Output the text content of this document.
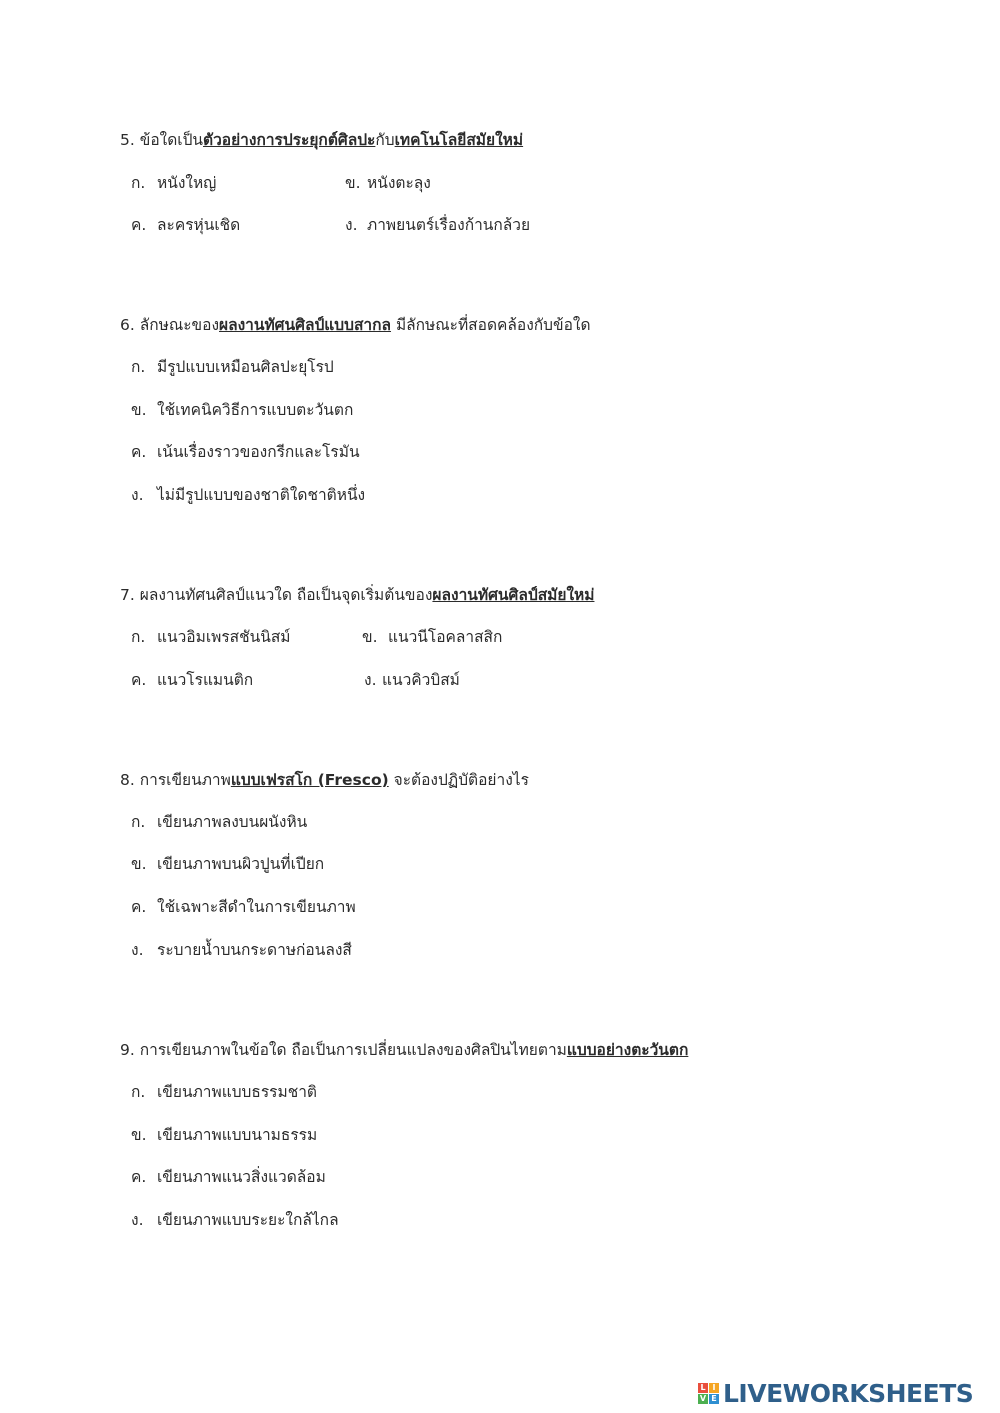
5. ข้อใดเป็นตัวอย่างการประยุกต์ศิลปะกับเทคโนโลยีสมัยใหม่
ก. หนังใหญ่	ข. หนังตะลุง
ค. ละครหุ่นเชิด	ง. ภาพยนตร์เรื่องก้านกล้วย
6. ลักษณะของผลงานทัศนศิลป์แบบสากล มีลักษณะที่สอดคล้องกับข้อใด
ก. มีรูปแบบเหมือนศิลปะยุโรป
ข. ใช้เทคนิควิธีการแบบตะวันตก
ค. เน้นเรื่องราวของกรีกและโรมัน
ง. ไม่มีรูปแบบของชาติใดชาติหนึ่ง
7. ผลงานทัศนศิลป์แนวใด ถือเป็นจุดเริ่มต้นของผลงานทัศนศิลป์สมัยใหม่
ก. แนวอิมเพรสชันนิสม์	ข. แนวนีโอคลาสสิก
ค. แนวโรแมนติก	ง. แนวคิวบิสม์
8. การเขียนภาพแบบเฟรสโก (Fresco) จะต้องปฏิบัติอย่างไร
ก. เขียนภาพลงบนผนังหิน
ข. เขียนภาพบนผิวปูนที่เปียก
ค. ใช้เฉพาะสีดำในการเขียนภาพ
ง. ระบายน้ำบนกระดาษก่อนลงสี
9. การเขียนภาพในข้อใด ถือเป็นการเปลี่ยนแปลงของศิลปินไทยตามแบบอย่างตะวันตก
ก. เขียนภาพแบบธรรมชาติ
ข. เขียนภาพแบบนามธรรม
ค. เขียนภาพแนวสิ่งแวดล้อม
ง. เขียนภาพแบบระยะใกล้ไกล
L I
V E LIVEWORKSHEETS
